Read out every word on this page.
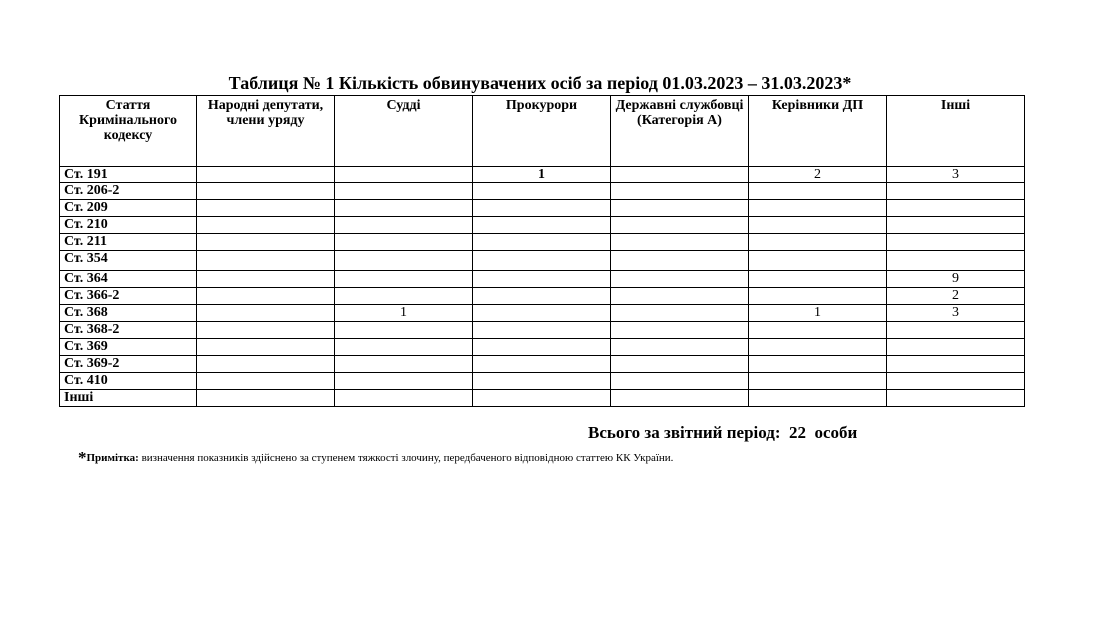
Таблиця № 1 Кількість обвинувачених осіб за період 01.03.2023 – 31.03.2023*
Стаття Кримінального кодексу	Народні депутати, члени уряду	Судді	Прокурори	Державні службовці (Категорія А)	Керівники ДП	Інші
Ст. 191			1		2	3
Ст. 206-2						
Ст. 209						
Ст. 210						
Ст. 211						
Ст. 354						
Ст. 364						9
Ст. 366-2						2
Ст. 368		1			1	3
Ст. 368-2						
Ст. 369						
Ст. 369-2						
Ст. 410						
Інші						
Всього за звітний період: 22 особи
*Примітка: визначення показників здійснено за ступенем тяжкості злочину, передбаченого відповідною статтею КК України.
